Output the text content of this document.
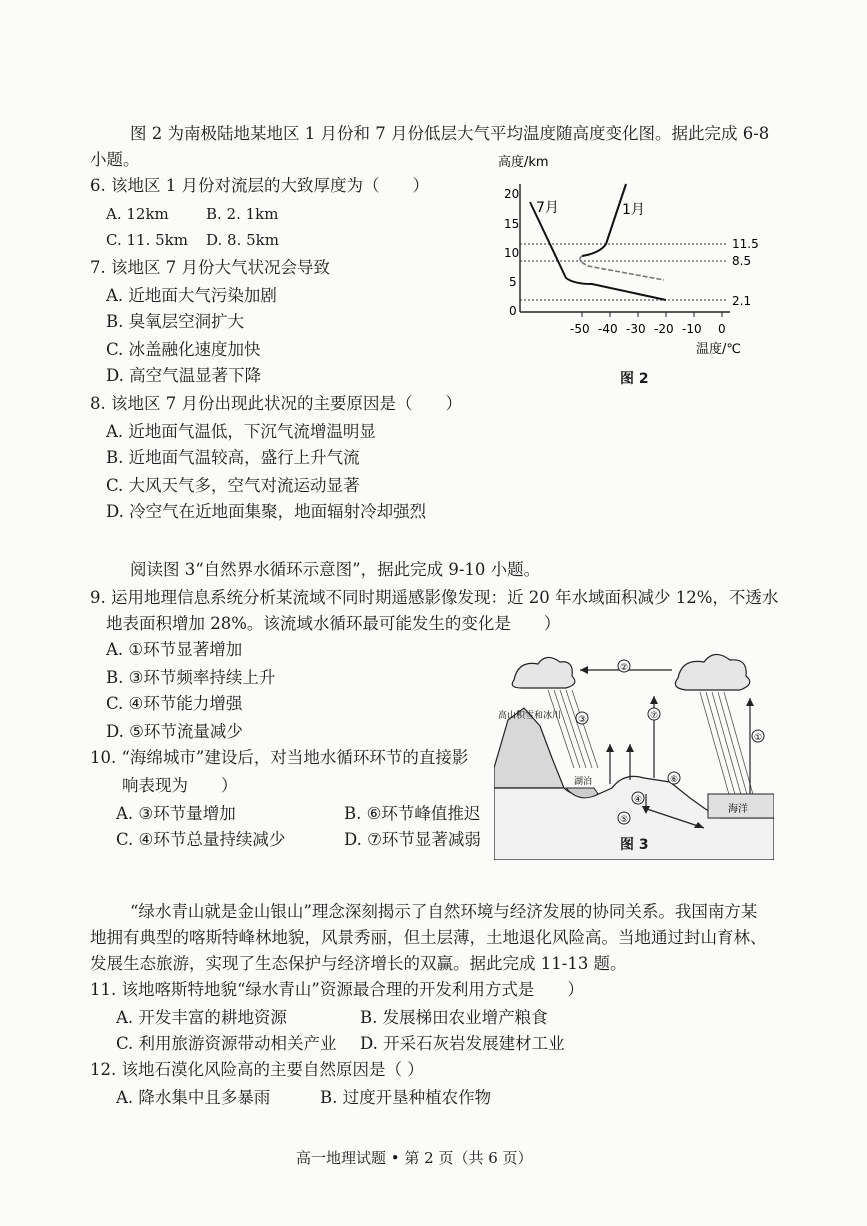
图 2 为南极陆地某地区 1 月份和 7 月份低层大气平均温度随高度变化图。据此完成 6-8
小题。
6. 该地区 1 月份对流层的大致厚度为（　　）
A. 12km B. 2. 1km
C. 11. 5km D. 8. 5km
7. 该地区 7 月份大气状况会导致
A. 近地面大气污染加剧
B. 臭氧层空洞扩大
C. 冰盖融化速度加快
D. 高空气温显著下降
8. 该地区 7 月份出现此状况的主要原因是（　　）
A. 近地面气温低，下沉气流增温明显
B. 近地面气温较高，盛行上升气流
C. 大风天气多，空气对流运动显著
D. 冷空气在近地面集聚，地面辐射冷却强烈
高度/km
20
15
10
5
0
-50 -40 -30 -20 -10 0
温度/℃
11.5
8.5
2.1
7月	1月
图 2
阅读图 3“自然界水循环示意图”，据此完成 9-10 小题。
9. 运用地理信息系统分析某流域不同时期遥感影像发现：近 20 年水域面积减少 12%，不透水
地表面积增加 28%。该流域水循环最可能发生的变化是　　）
A. ①环节显著增加
B. ③环节频率持续上升
C. ④环节能力增强
D. ⑤环节流量减少
10. “海绵城市”建设后，对当地水循环环节的直接影
响表现为　　）
A. ③环节量增加	B. ⑥环节峰值推迟
C. ④环节总量持续减少	D. ⑦环节显著减弱
②
①
③
④
⑤
⑥
⑦
高山积雪和冰川
湖泊
海洋
图 3
“绿水青山就是金山银山”理念深刻揭示了自然环境与经济发展的协同关系。我国南方某
地拥有典型的喀斯特峰林地貌，风景秀丽，但土层薄，土地退化风险高。当地通过封山育林、
发展生态旅游，实现了生态保护与经济增长的双赢。据此完成 11-13 题。
11. 该地喀斯特地貌“绿水青山”资源最合理的开发利用方式是　　）
A. 开发丰富的耕地资源	B. 发展梯田农业增产粮食
C. 利用旅游资源带动相关产业 D. 开采石灰岩发展建材工业
12. 该地石漠化风险高的主要自然原因是（ ）
A. 降水集中且多暴雨	B. 过度开垦种植农作物
高一地理试题 • 第 2 页（共 6 页）
